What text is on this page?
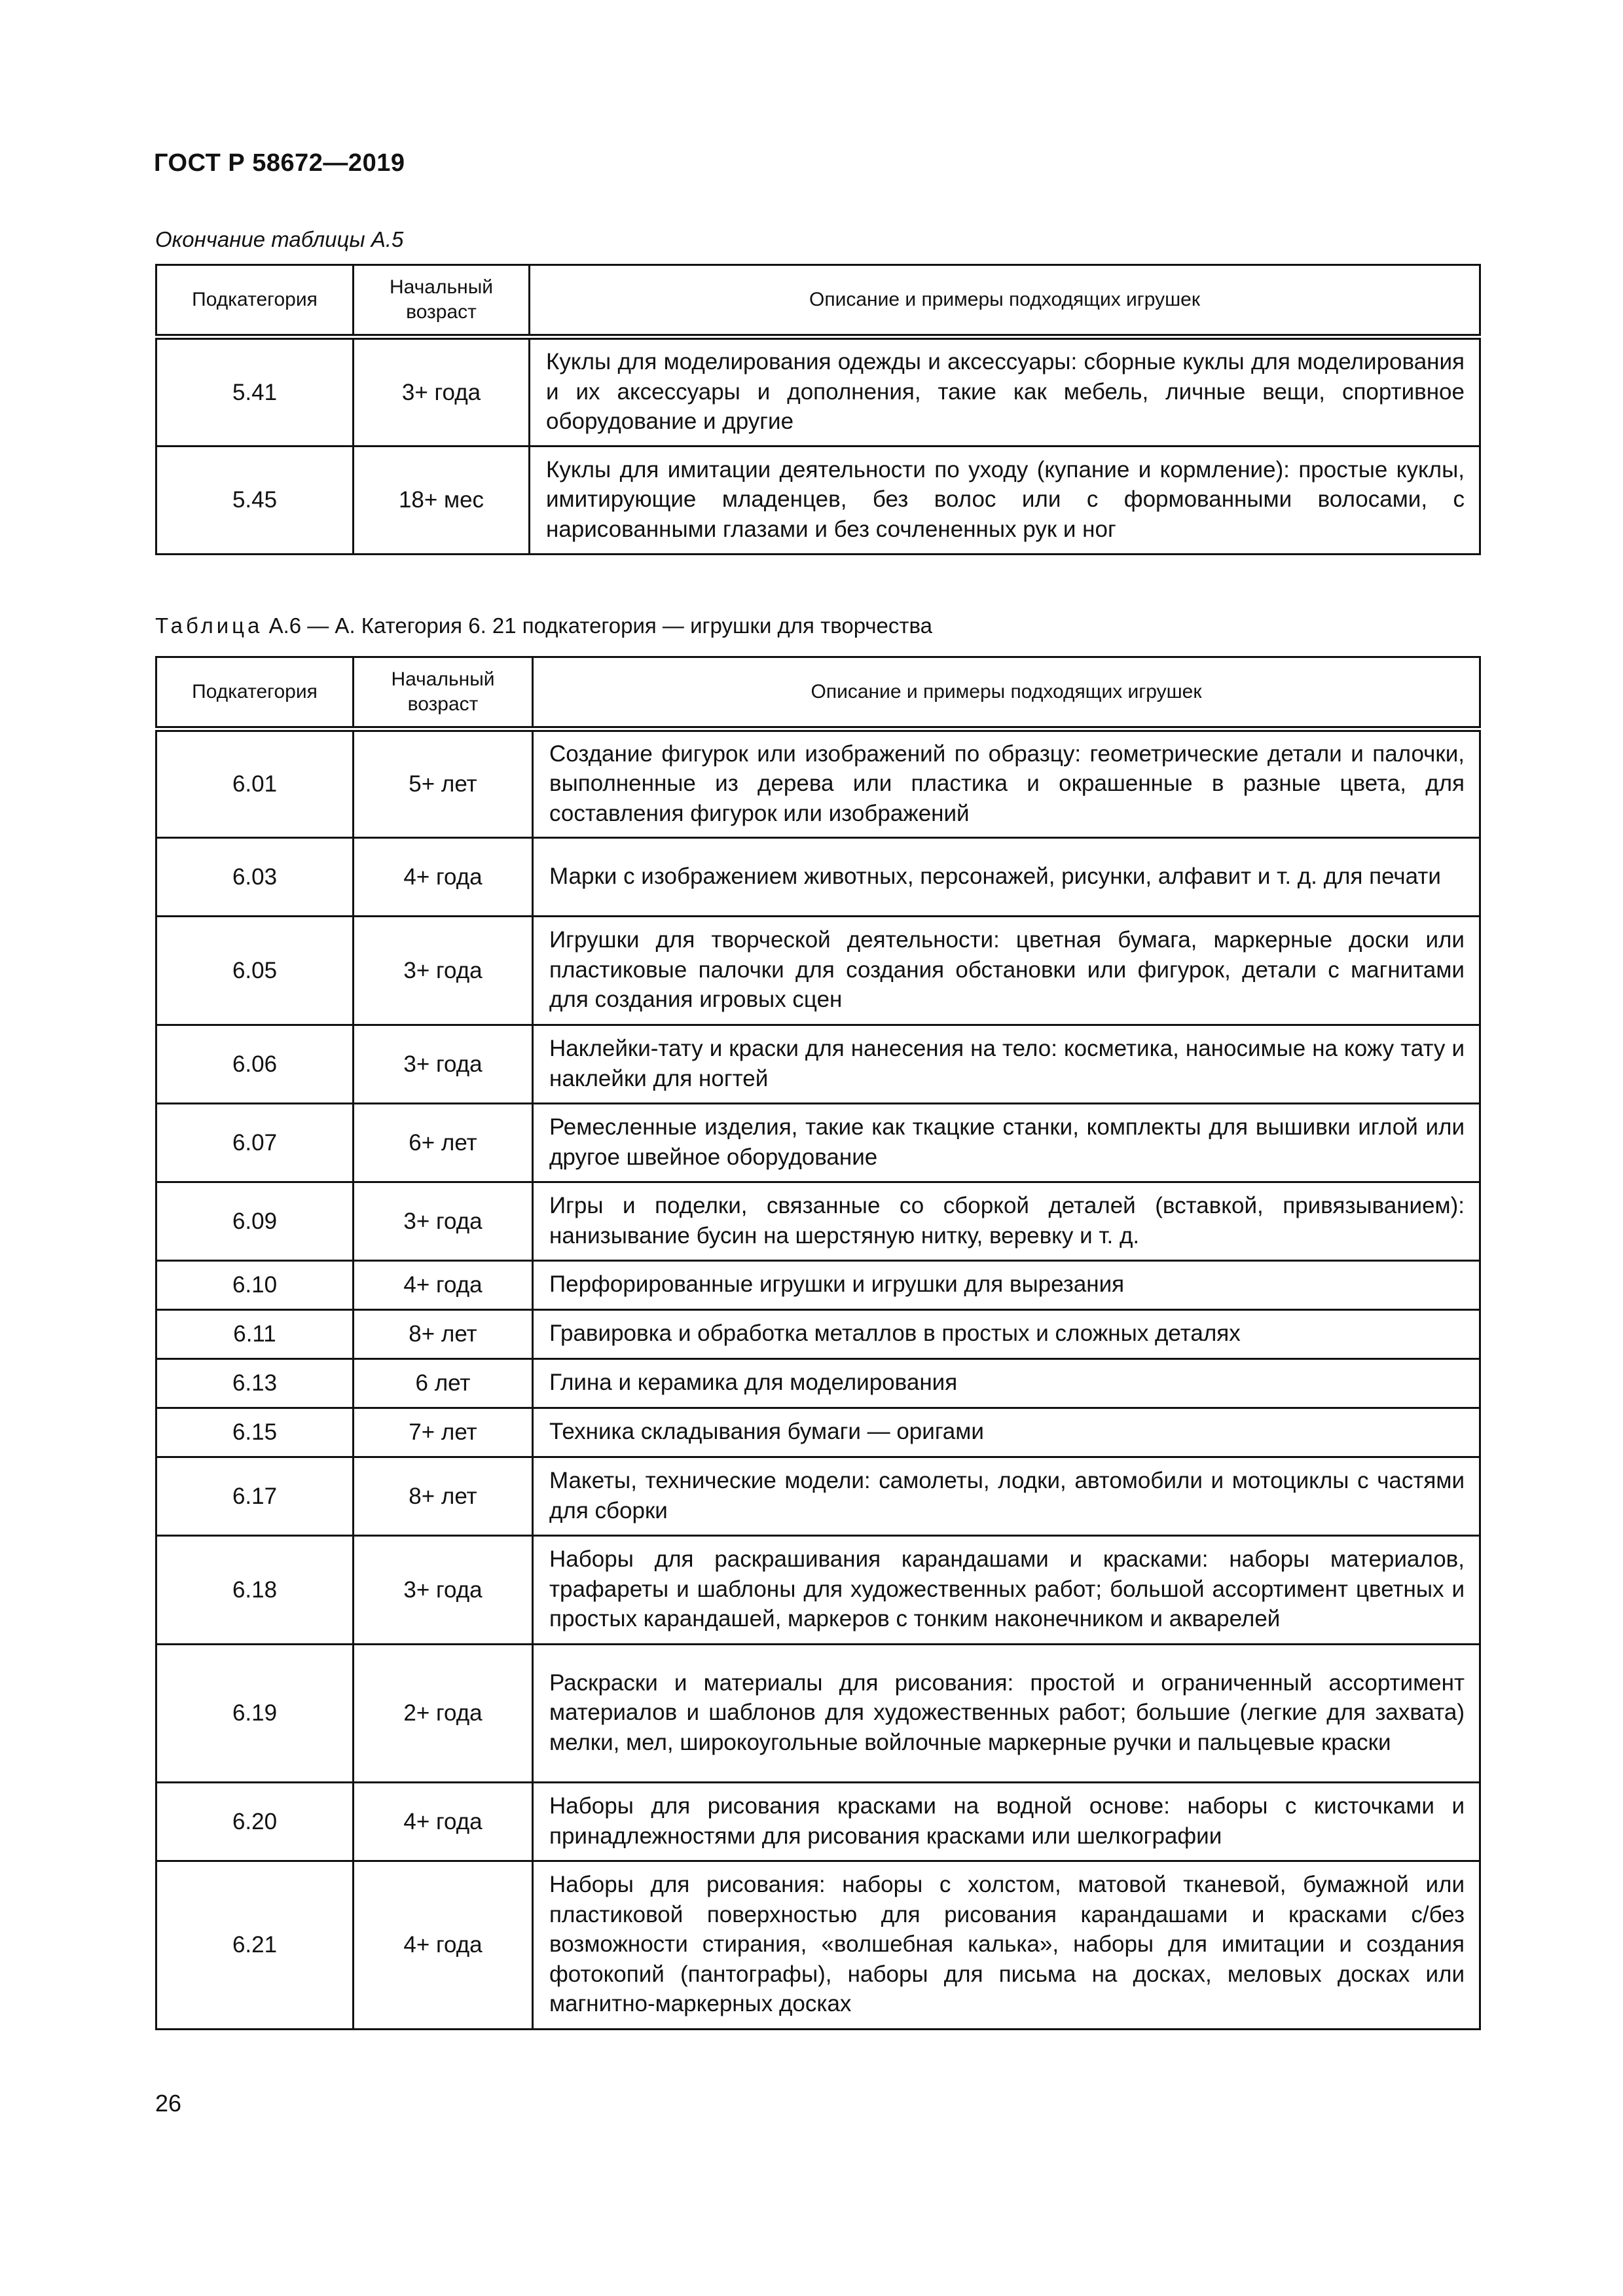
ГОСТ Р 58672—2019

Окончание таблицы А.5

Подкатегория	Начальный возраст	Описание и примеры подходящих игрушек
5.41	3+ года	Куклы для моделирования одежды и аксессуары: сборные куклы для моделирования и их аксессуары и дополнения, такие как мебель, личные вещи, спортивное оборудование и другие
5.45	18+ мес	Куклы для имитации деятельности по уходу (купание и кормление): простые куклы, имитирующие младенцев, без волос или с формованными волосами, с нарисованными глазами и без сочлененных рук и ног

Таблица А.6 — А. Категория 6. 21 подкатегория — игрушки для творчества

Подкатегория	Начальный возраст	Описание и примеры подходящих игрушек
6.01	5+ лет	Создание фигурок или изображений по образцу: геометрические детали и палочки, выполненные из дерева или пластика и окрашенные в разные цвета, для составления фигурок или изображений
6.03	4+ года	Марки с изображением животных, персонажей, рисунки, алфавит и т. д. для печати
6.05	3+ года	Игрушки для творческой деятельности: цветная бумага, маркерные доски или пластиковые палочки для создания обстановки или фигурок, детали с магнитами для создания игровых сцен
6.06	3+ года	Наклейки-тату и краски для нанесения на тело: косметика, наносимые на кожу тату и наклейки для ногтей
6.07	6+ лет	Ремесленные изделия, такие как ткацкие станки, комплекты для вышивки иглой или другое швейное оборудование
6.09	3+ года	Игры и поделки, связанные со сборкой деталей (вставкой, привязыванием): нанизывание бусин на шерстяную нитку, веревку и т. д.
6.10	4+ года	Перфорированные игрушки и игрушки для вырезания
6.11	8+ лет	Гравировка и обработка металлов в простых и сложных деталях
6.13	6 лет	Глина и керамика для моделирования
6.15	7+ лет	Техника складывания бумаги — оригами
6.17	8+ лет	Макеты, технические модели: самолеты, лодки, автомобили и мотоциклы с частями для сборки
6.18	3+ года	Наборы для раскрашивания карандашами и красками: наборы материалов, трафареты и шаблоны для художественных работ; большой ассортимент цветных и простых карандашей, маркеров с тонким наконечником и акварелей
6.19	2+ года	Раскраски и материалы для рисования: простой и ограниченный ассортимент материалов и шаблонов для художественных работ; большие (легкие для захвата) мелки, мел, широкоугольные войлочные маркерные ручки и пальцевые краски
6.20	4+ года	Наборы для рисования красками на водной основе: наборы с кисточками и принадлежностями для рисования красками или шелкографии
6.21	4+ года	Наборы для рисования: наборы с холстом, матовой тканевой, бумажной или пластиковой поверхностью для рисования карандашами и красками с/без возможности стирания, «волшебная калька», наборы для имитации и создания фотокопий (пантографы), наборы для письма на досках, меловых досках или магнитно-маркерных досках

26
